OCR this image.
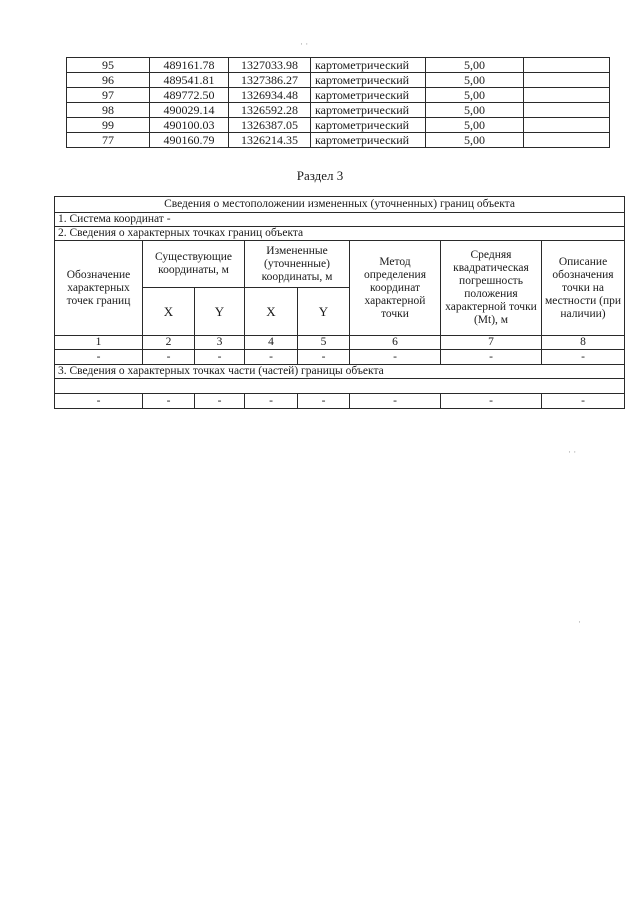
95	489161.78	1327033.98	картометрический	5,00	
96	489541.81	1327386.27	картометрический	5,00	
97	489772.50	1326934.48	картометрический	5,00	
98	490029.14	1326592.28	картометрический	5,00	
99	490100.03	1326387.05	картометрический	5,00	
77	490160.79	1326214.35	картометрический	5,00	
Раздел 3
Сведения о местоположении измененных (уточненных) границ объекта							
1. Система координат -							
2. Сведения о характерных точках границ объекта							
Обозначение характерных точек границ	Существующие координаты, м		Измененные (уточненные) координаты, м		Метод определения координат характерной точки	Средняя квадратическая погрешность положения характерной точки (Mt), м	Описание обозначения точки на местности (при наличии)
	X	Y	X	Y			
1	2	3	4	5	6	7	8
-	-	-	-	-	-	-	-
3. Сведения о характерных точках части (частей) границы объекта							

-	-	-	-	-	-	-	-
· ·
· ·
·
